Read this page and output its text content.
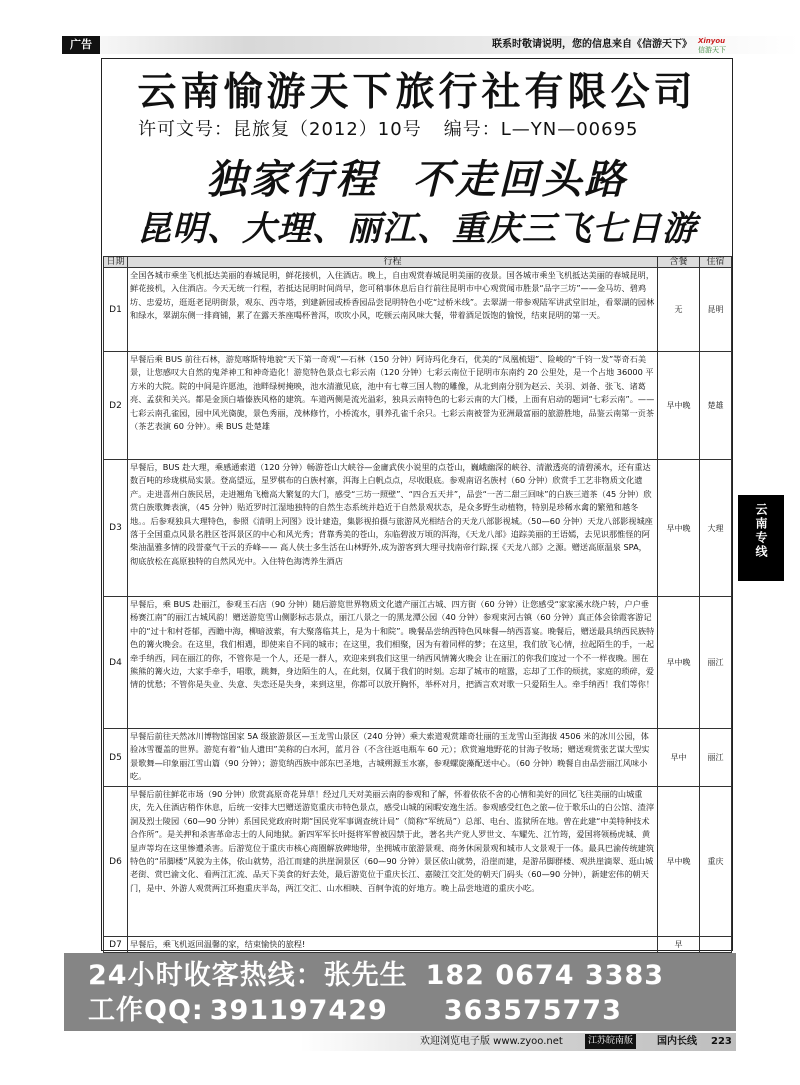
广告	联系时敬请说明，您的信息来自《信游天下》 Xinyou
信游天下
云南愉游天下旅行社有限公司
许可文号：昆旅复（2012）10号 编号：L—YN—00695
独家行程 不走回头路
昆明、大理、丽江、重庆三飞七日游
日期	行程	含餐	住宿
D1	全国各城市乘坐飞机抵达美丽的春城昆明，鲜花接机，入住酒店。晚上，自由观赏春城昆明美丽的夜景。国各城市乘坐飞机抵达美丽的春城昆明，鲜花接机，入住酒店。今天无统一行程，若抵达昆明时间尚早，您可稍事休息后自行前往昆明市中心观赏闻市胜景“品字三坊”——金马坊、碧鸡坊、忠爱坊，逛逛老昆明街景，观东、西寺塔，到建新园或桥香园品尝昆明特色小吃“过桥米线”。去翠湖一带参观陆军讲武堂旧址，看翠湖的园林和绿水，翠湖东侧一排商铺，累了在露天茶座喝杯普洱，吹吹小风，吃顿云南风味大餐，带着酒足饭饱的愉悦，结束昆明的第一天。	无	昆明
D2	早餐后乘 BUS 前往石林，游览喀斯特地貌“天下第一奇观”—石林（150 分钟）阿诗玛化身石，优美的“凤凰梳翅”、险峻的“千钧一发”等奇石美景，让您感叹大自然的鬼斧神工和神奇造化！游览特色景点七彩云南（120 分钟）七彩云南位于昆明市东南约 20 公里处，是一个占地 36000 平方米的大院。院的中间是许愿池，池畔绿树掩映，池水清澈见底，池中有七尊三国人物的雕像，从北到南分别为赵云、关羽、刘备、张飞、诸葛亮、孟获和关兴。都是金顶白墙傣族风格的建筑。车道两侧是流光溢彩，独具云南特色的七彩云南的大门楼，上面有启动的题词“七彩云南”。——七彩云南孔雀园，园中风光旖旎，景色秀丽，茂林修竹，小桥流水，驯养孔雀千余只。七彩云南被誉为亚洲最富丽的旅游胜地，品鉴云南第一贡茶（茶艺表演 60 分钟）。乘 BUS 赴楚雄	早中晚	楚雄
D3	早餐后，BUS 赴大理，乘感通索道（120 分钟）畅游苍山大峡谷—金庸武侠小说里的点苍山，巍峨幽深的峡谷、清澈透亮的清碧溪水，还有重达数百吨的珍珑棋局实景。登高望远，星罗棋布的白族村寨，洱海上白帆点点，尽收眼底。参观南诏名族村（60 分钟）欣赏手工艺非物质文化遗产。走进喜州白族民居，走进翘角飞檐高大繁复的大门，感受“三坊一照壁”、“四合五天井”，品尝“一苦二甜三回味”的白族三道茶（45 分钟）欣赏白族歌舞表演，（45 分钟）贴近罗时江湿地独特的自然生态系统并趋近于自然景观状态，是众多野生动植物，特别是珍稀水禽的繁殖和越冬地。。后参观独具大理特色，参照《清明上河图》设计建造，集影视拍摄与旅游风光相结合的天龙八部影视城。（50—60 分钟）天龙八部影视城座落于全国重点风景名胜区苍洱景区的中心和风光秀；背靠秀美的苍山，东临碧波万顷的洱海，《天龙八部》追踪美丽的王语嫣，去见识那惟怪的阿柴油温雅多情的段誉豪气干云的乔峰—— 高人侠士多生活在山林野外,成为游客到大理寻找南帝行踪,探《天龙八部》之源。赠送高原温泉 SPA，彻底放松在高原独特的自然风光中。入住特色海湾养生酒店	早中晚	大理
D4	早餐后，乘 BUS 赴丽江，参观玉石店（90 分钟）随后游览世界物质文化遗产丽江古城、四方街（60 分钟）让您感受“家家溪水绕户转，户户垂杨赛江南”的丽江古城风韵！赠送游览雪山侧影标志景点，丽江八景之一的黑龙潭公园（40 分钟）参观束河古镇（60 分钟）真正体会徐霞客游记中的“过十和村苍郁，西瞻中海，柳暗波萦，有大聚落临其上，是为十和院”。晚餐品尝纳西特色风味餐—纳西喜宴。晚餐后，赠送最具纳西民族特色的篝火晚会。在这里，我们相遇，即使来自不同的城市；在这里，我们相聚，因为有着同样的梦；在这里，我们放飞心情，拉起陌生的手，一起牵手纳西，同在丽江的你，不管你是一个人，还是一群人，欢迎来到我们这里一纳西风情篝火晚会 让在丽江的你我们度过一个不一样夜晚。围在熊熊的篝火边，大家手牵手，唱歌，跳舞，身边陌生的人，在此刻，仅属于我们的时刻。忘却了城市的喧嚣，忘却了工作的烦扰，家庭的琐碎，爱情的忧愁；不管你是失业、失意、失恋还是失身，来到这里，你都可以放开胸怀，举杯对月，把酒言欢对歌一只爱陌生人。牵手纳西！我们等你！	早中晚	丽江
D5	早餐后前往天然冰川博物馆国家 5A 级旅游景区—玉龙雪山景区（240 分钟）乘大索道观赏雄奇壮丽的玉龙雪山至海拔 4506 米的冰川公园，体验冰雪覆盖的世界。游览有着“仙人遗田”美称的白水河，蓝月谷（不含往返电瓶车 60 元）；欣赏遍地野花的甘海子牧场；赠送观赏张艺谋大型实景歌舞—印象丽江雪山篇（90 分钟）；游览纳西族中部东巴圣地，古城朔源玉水寨，参观螺旋藻配送中心。（60 分钟）晚餐自由品尝丽江风味小吃。	早中	丽江
D6	早餐后前往鲜花市场（90 分钟）欣赏高原奇花异草！经过几天对美丽云南的参观和了解，怀着依依不舍的心情和美好的回忆飞往美丽的山城重庆，先入住酒店稍作休息，后统一安排大巴赠送游览重庆市特色景点，感受山城的闲暇安逸生活。参观感受红色之旅—位于歌乐山的白公馆、渣滓洞及烈士陵园（60—90 分钟）系国民党政府时期“国民党军事调查统计局”（简称“军统局”）总部、电台、监狱所在地。曾在此建“中美特种技术合作所”。是关押和杀害革命志士的人间地狱。新四军军长叶挺将军曾被囚禁于此，著名共产党人罗世文、车耀先、江竹筠，爱国将领杨虎城、黄显声等均在这里惨遭杀害。后游览位于重庆市核心商圈解放碑地带，坐拥城市旅游景观、商务休闲景观和城市人文景观于一体。最具巴渝传统建筑特色的“吊脚楼”风貌为主体，依山就势，沿江而建的洪崖洞景区（60—90 分钟）景区依山就势，沿崖而建，是游吊脚群楼、观洪崖滴翠、逛山城老街、赏巴渝文化、看两江汇流、品天下美食的好去处，最后游览位于重庆长江、嘉陵江交汇处的朝天门码头（60—90 分钟），新建宏伟的朝天门，是中、外游人观赏两江环抱重庆半岛，两江交汇、山水相映、百舸争流的好地方。晚上品尝地道的重庆小吃。	早中晚	重庆
D7	早餐后，乘飞机返回温馨的家，结束愉快的旅程!	早	
云南专线
24小时收客热线：张先生 182 0674 3383
工作QQ: 391197429 363575773
欢迎浏览电子版 www.zyoo.net	江苏皖南版	国内长线 223
